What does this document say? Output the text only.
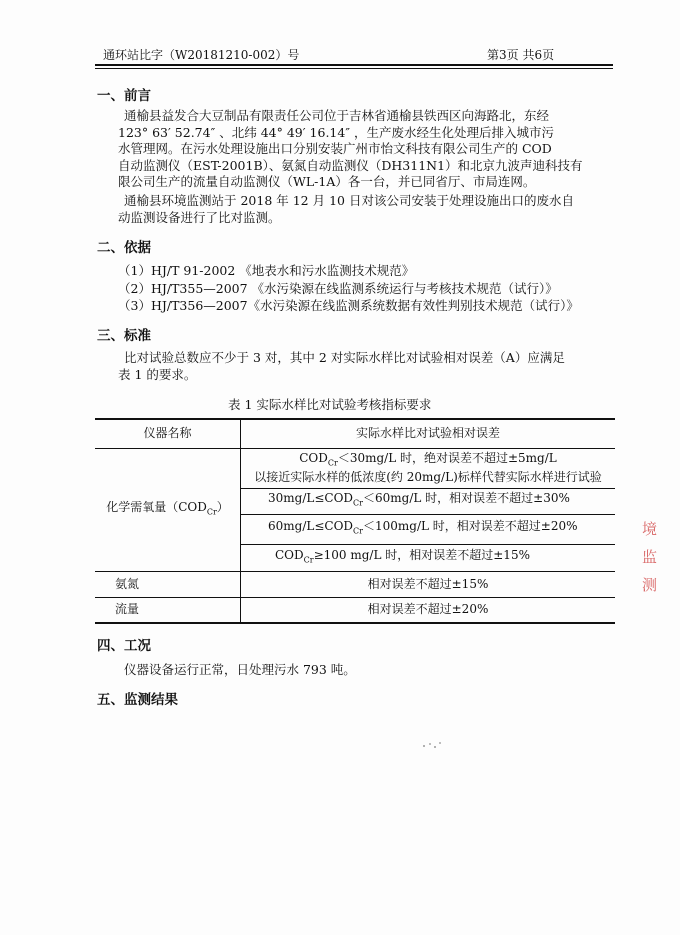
通环站比字（W20181210-002）号	第3页 共6页
一、前言
通榆县益发合大豆制品有限责任公司位于吉林省通榆县铁西区向海路北，东经
123° 63′ 52.74″ 、北纬 44° 49′ 16.14″ ，生产废水经生化处理后排入城市污
水管理网。在污水处理设施出口分别安装广州市怡文科技有限公司生产的 COD
自动监测仪（EST-2001B）、氨氮自动监测仪（DH311N1）和北京九波声迪科技有
限公司生产的流量自动监测仪（WL-1A）各一台，并已同省厅、市局连网。
通榆县环境监测站于 2018 年 12 月 10 日对该公司安装于处理设施出口的废水自
动监测设备进行了比对监测。
二、依据
（1）HJ/T 91-2002 《地表水和污水监测技术规范》
（2）HJ/T355—2007 《水污染源在线监测系统运行与考核技术规范（试行）》
（3）HJ/T356—2007《水污染源在线监测系统数据有效性判别技术规范（试行）》
三、标准
比对试验总数应不少于 3 对，其中 2 对实际水样比对试验相对误差（A）应满足
表 1 的要求。
表 1 实际水样比对试验考核指标要求
仪器名称	实际水样比对试验相对误差
化学需氧量$(COD_{Cr})$	$COD_{Cr}<30mg/L$ 时，绝对误差不超过±5mg/L
以接近实际水样的低浓度(约 20mg/L)标样代替实际水样进行试验

	$30mg/L\le COD_{Cr}<60mg/L$ 时，相对误差不超过±30%
	$60mg/L\le COD_{Cr}<100mg/L$ 时，相对误差不超过±20%
	$COD_{Cr}\ge 100$ mg/L 时，相对误差不超过±15%
氨氮	相对误差不超过±15%
流量	相对误差不超过±20%
四、工况
仪器设备运行正常，日处理污水 793 吨。
五、监测结果
境
监
测
